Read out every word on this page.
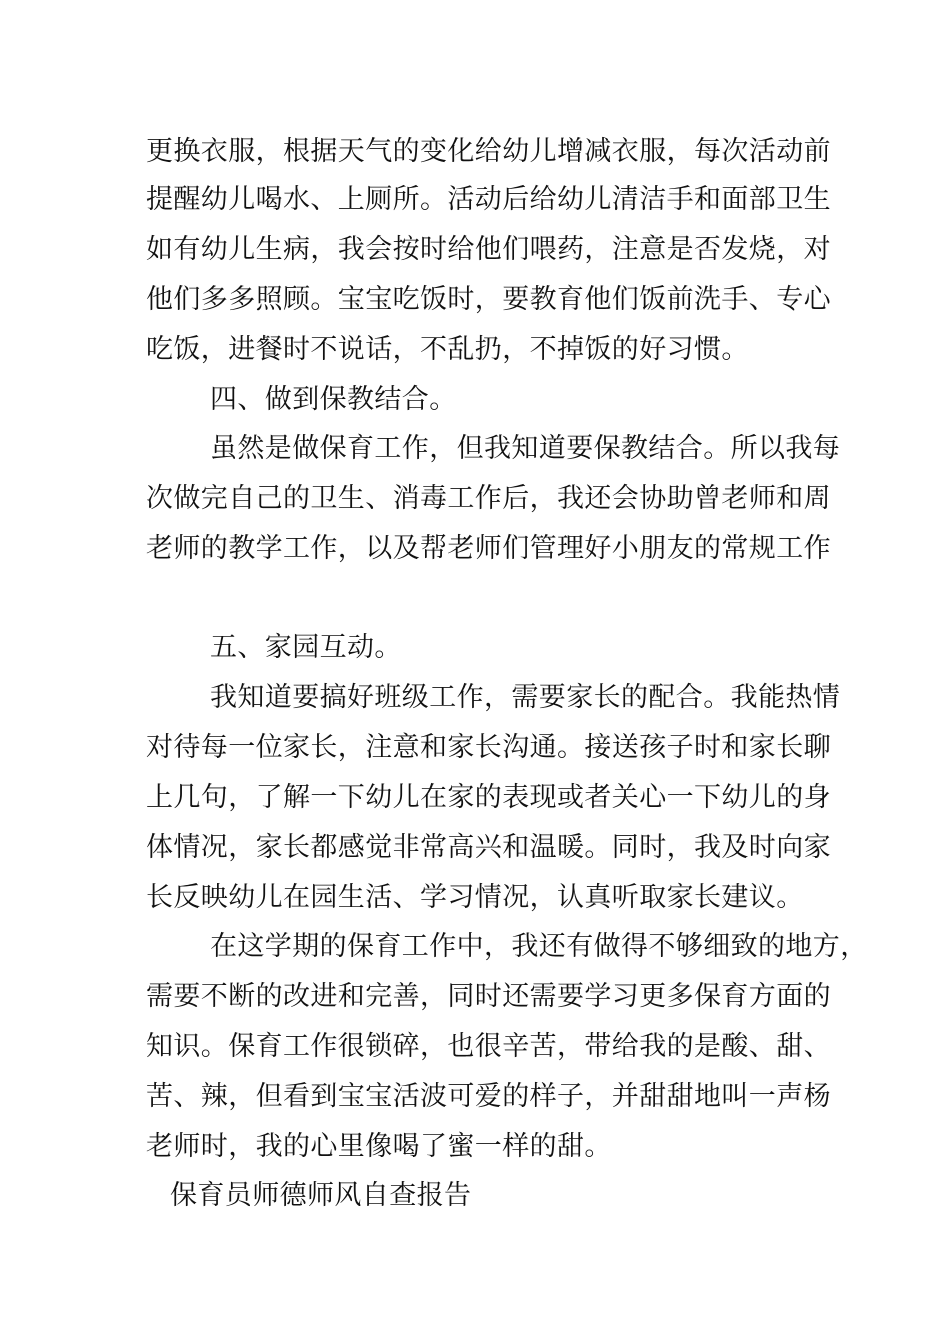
更换衣服，根据天气的变化给幼儿增减衣服，每次活动前
提醒幼儿喝水、上厕所。活动后给幼儿清洁手和面部卫生
如有幼儿生病，我会按时给他们喂药，注意是否发烧，对
他们多多照顾。宝宝吃饭时，要教育他们饭前洗手、专心
吃饭，进餐时不说话，不乱扔，不掉饭的好习惯。
四、做到保教结合。
虽然是做保育工作，但我知道要保教结合。所以我每
次做完自己的卫生、消毒工作后，我还会协助曾老师和周
老师的教学工作，以及帮老师们管理好小朋友的常规工作
五、家园互动。
我知道要搞好班级工作，需要家长的配合。我能热情
对待每一位家长，注意和家长沟通。接送孩子时和家长聊
上几句，了解一下幼儿在家的表现或者关心一下幼儿的身
体情况，家长都感觉非常高兴和温暖。同时，我及时向家
长反映幼儿在园生活、学习情况，认真听取家长建议。
在这学期的保育工作中，我还有做得不够细致的地方，
需要不断的改进和完善，同时还需要学习更多保育方面的
知识。保育工作很锁碎，也很辛苦，带给我的是酸、甜、
苦、辣，但看到宝宝活波可爱的样子，并甜甜地叫一声杨
老师时，我的心里像喝了蜜一样的甜。
保育员师德师风自查报告
